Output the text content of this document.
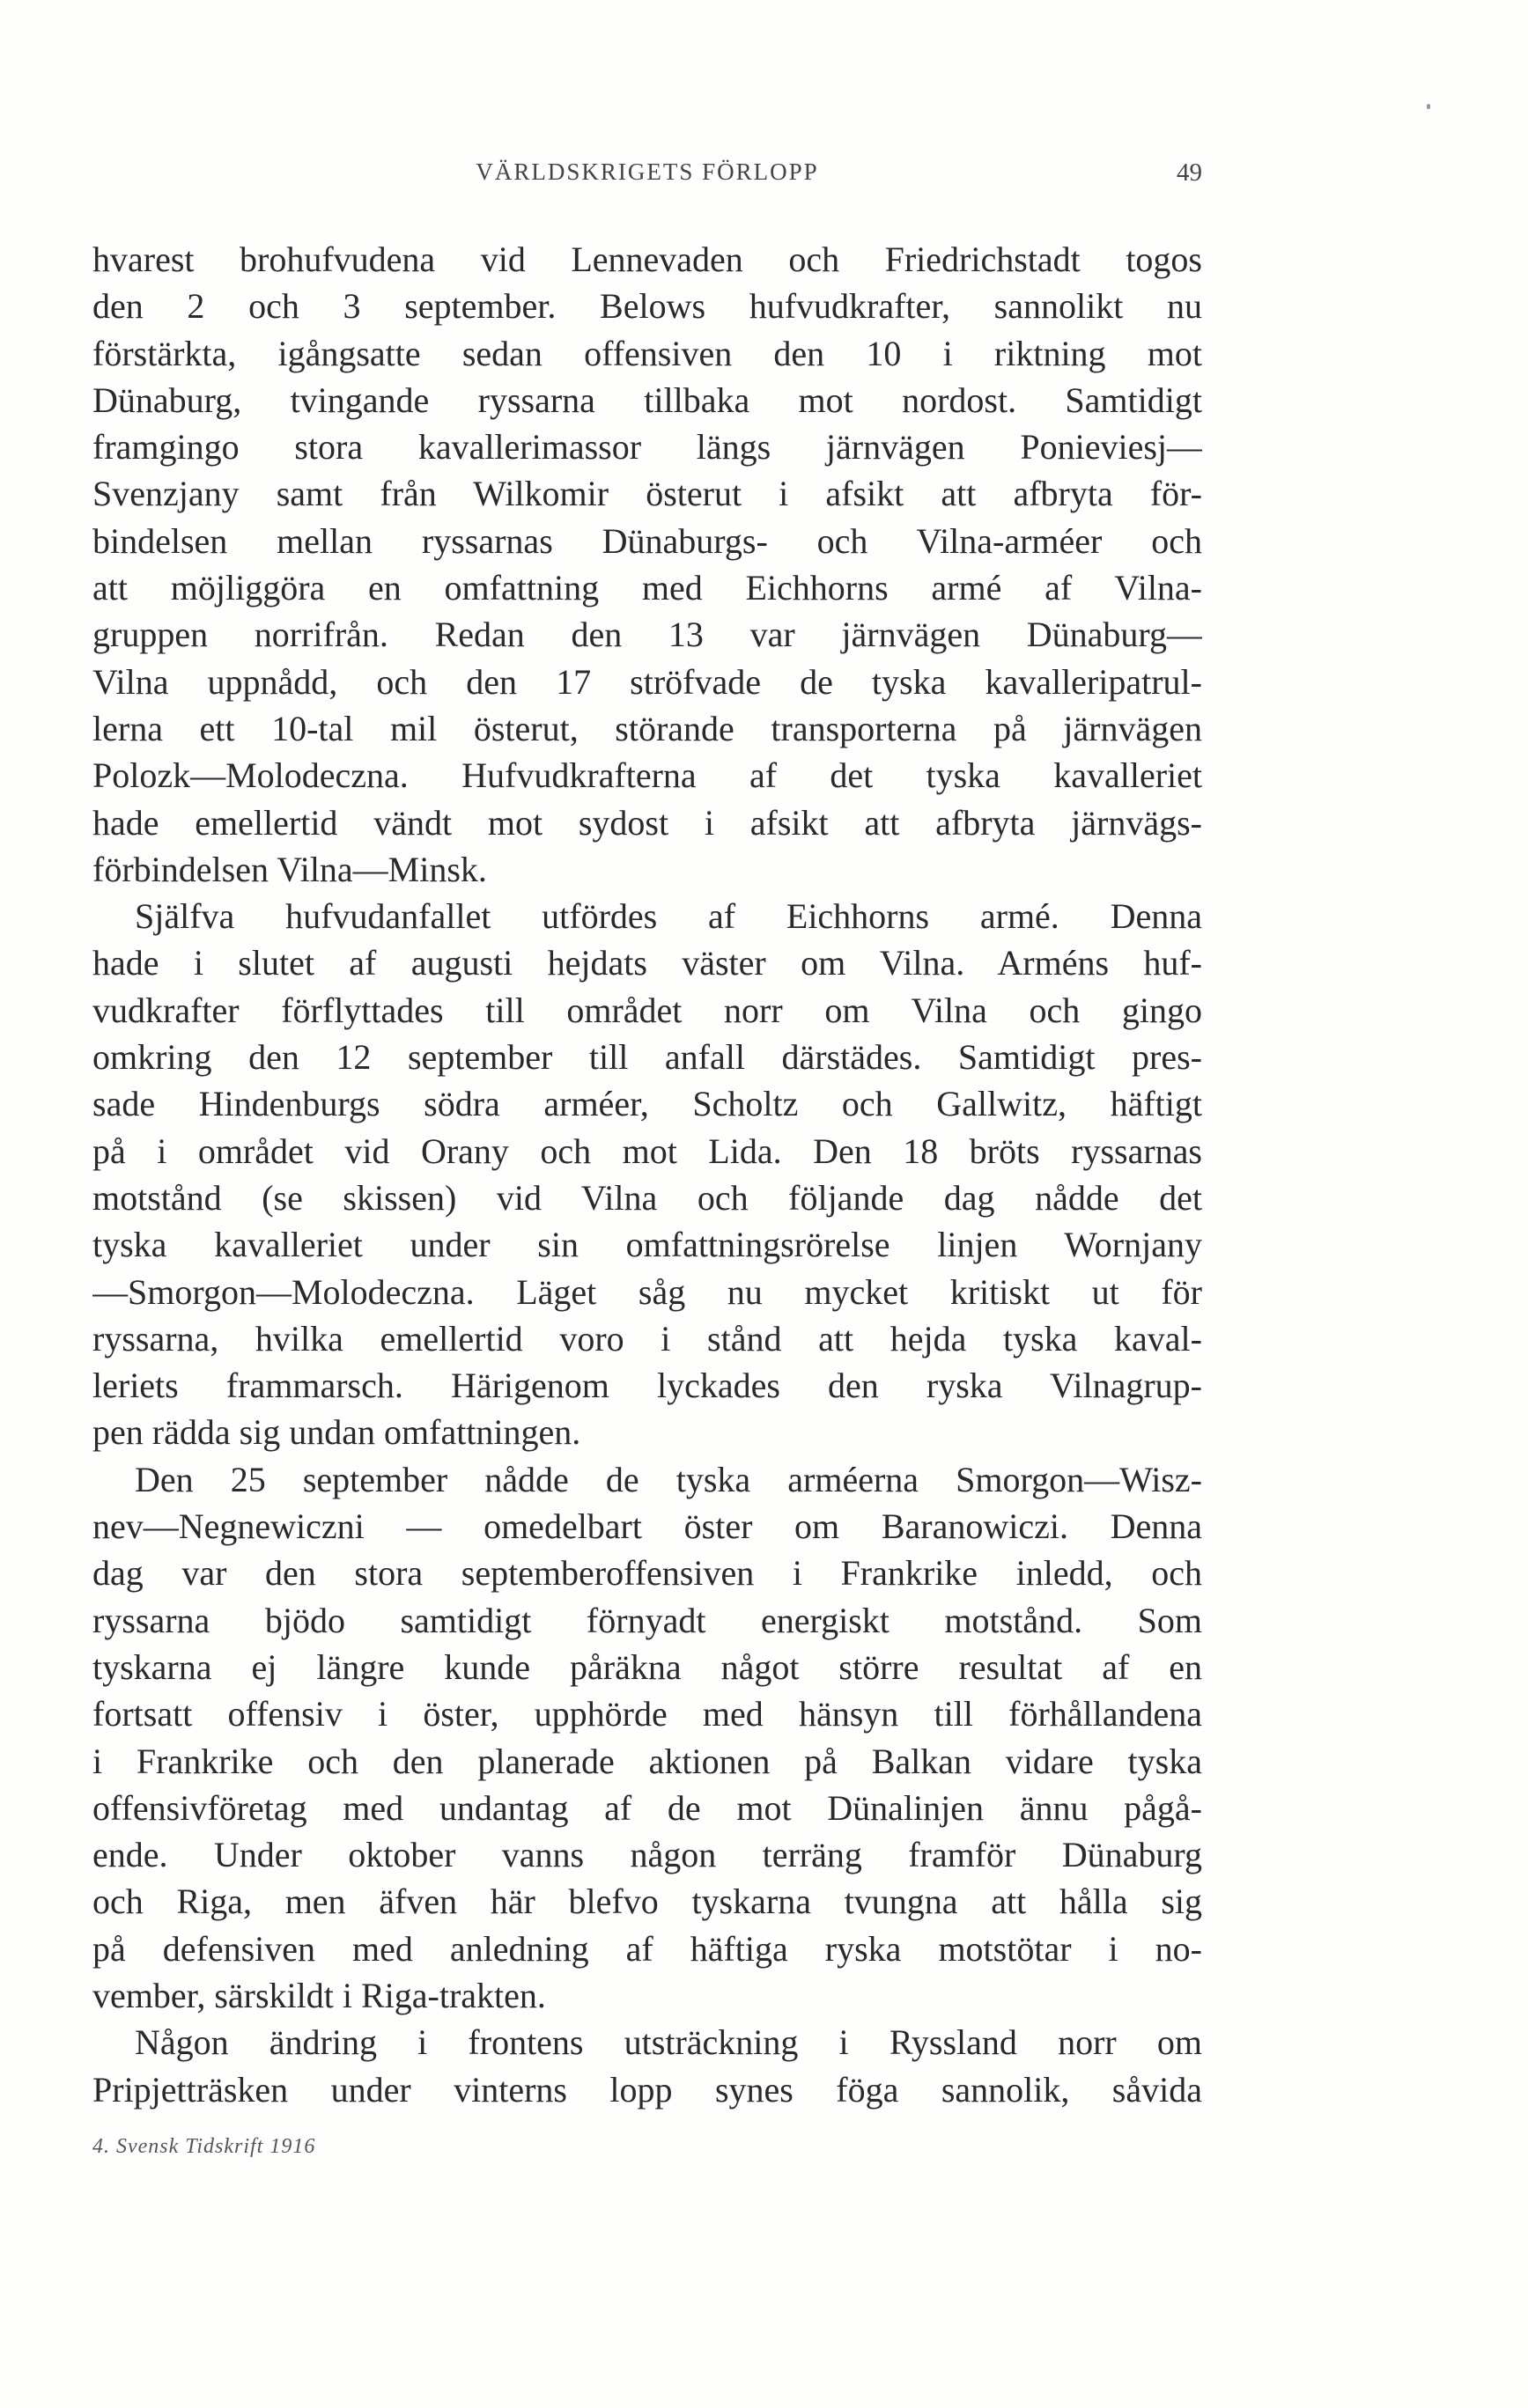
VÄRLDSKRIGETS FÖRLOPP	49
hvarest brohufvudena vid Lennevaden och Friedrichstadt togos
den 2 och 3 september. Belows hufvudkrafter, sannolikt nu
förstärkta, igångsatte sedan offensiven den 10 i riktning mot
Dünaburg, tvingande ryssarna tillbaka mot nordost. Samtidigt
framgingo stora kavallerimassor längs järnvägen Ponieviesj—
Svenzjany samt från Wilkomir österut i afsikt att afbryta för-
bindelsen mellan ryssarnas Dünaburgs- och Vilna-arméer och
att möjliggöra en omfattning med Eichhorns armé af Vilna-
gruppen norrifrån. Redan den 13 var järnvägen Dünaburg—
Vilna uppnådd, och den 17 ströfvade de tyska kavalleripatrul-
lerna ett 10-tal mil österut, störande transporterna på järnvägen
Polozk—Molodeczna. Hufvudkrafterna af det tyska kavalleriet
hade emellertid vändt mot sydost i afsikt att afbryta järnvägs-
förbindelsen Vilna—Minsk.
Själfva hufvudanfallet utfördes af Eichhorns armé. Denna
hade i slutet af augusti hejdats väster om Vilna. Arméns huf-
vudkrafter förflyttades till området norr om Vilna och gingo
omkring den 12 september till anfall därstädes. Samtidigt pres-
sade Hindenburgs södra arméer, Scholtz och Gallwitz, häftigt
på i området vid Orany och mot Lida. Den 18 bröts ryssarnas
motstånd (se skissen) vid Vilna och följande dag nådde det
tyska kavalleriet under sin omfattningsrörelse linjen Wornjany
—Smorgon—Molodeczna. Läget såg nu mycket kritiskt ut för
ryssarna, hvilka emellertid voro i stånd att hejda tyska kaval-
leriets frammarsch. Härigenom lyckades den ryska Vilnagrup-
pen rädda sig undan omfattningen.
Den 25 september nådde de tyska arméerna Smorgon—Wisz-
nev—Negnewiczni — omedelbart öster om Baranowiczi. Denna
dag var den stora septemberoffensiven i Frankrike inledd, och
ryssarna bjödo samtidigt förnyadt energiskt motstånd. Som
tyskarna ej längre kunde påräkna något större resultat af en
fortsatt offensiv i öster, upphörde med hänsyn till förhållandena
i Frankrike och den planerade aktionen på Balkan vidare tyska
offensivföretag med undantag af de mot Dünalinjen ännu pågå-
ende. Under oktober vanns någon terräng framför Dünaburg
och Riga, men äfven här blefvo tyskarna tvungna att hålla sig
på defensiven med anledning af häftiga ryska motstötar i no-
vember, särskildt i Riga-trakten.
Någon ändring i frontens utsträckning i Ryssland norr om
Pripjetträsken under vinterns lopp synes föga sannolik, såvida
4. Svensk Tidskrift 1916
